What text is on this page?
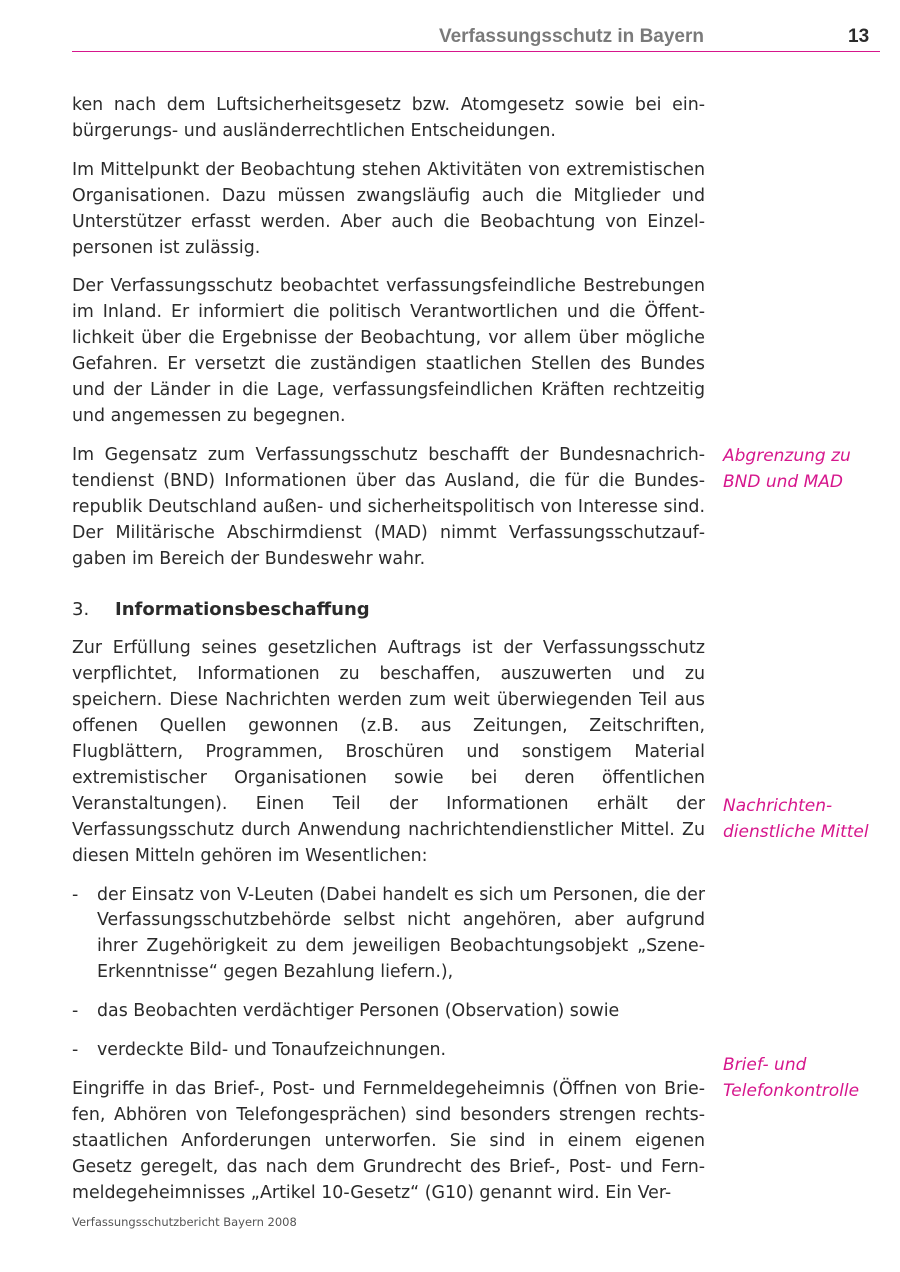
Verfassungsschutz in Bayern	13

ken nach dem Luftsicherheitsgesetz bzw. Atomgesetz sowie bei einbürgerungs- und ausländerrechtlichen Entscheidungen.

Im Mittelpunkt der Beobachtung stehen Aktivitäten von extremistischen Organisationen. Dazu müssen zwangsläufig auch die Mitglieder und Unterstützer erfasst werden. Aber auch die Beobachtung von Einzelpersonen ist zulässig.

Der Verfassungsschutz beobachtet verfassungsfeindliche Bestrebungen im Inland. Er informiert die politisch Verantwortlichen und die Öffentlichkeit über die Ergebnisse der Beobachtung, vor allem über mögliche Gefahren. Er versetzt die zuständigen staatlichen Stellen des Bundes und der Länder in die Lage, verfassungsfeindlichen Kräften rechtzeitig und angemessen zu begegnen.

Im Gegensatz zum Verfassungsschutz beschafft der Bundesnachrichtendienst (BND) Informationen über das Ausland, die für die Bundesrepublik Deutschland außen- und sicherheitspolitisch von Interesse sind. Der Militärische Abschirmdienst (MAD) nimmt Verfassungsschutzaufgaben im Bereich der Bundeswehr wahr.

3.	Informationsbeschaffung

Zur Erfüllung seines gesetzlichen Auftrags ist der Verfassungsschutz verpflichtet, Informationen zu beschaffen, auszuwerten und zu speichern. Diese Nachrichten werden zum weit überwiegenden Teil aus offenen Quellen gewonnen (z.B. aus Zeitungen, Zeitschriften, Flugblättern, Programmen, Broschüren und sonstigem Material extremistischer Organisationen sowie bei deren öffentlichen Veranstaltungen). Einen Teil der Informationen erhält der Verfassungsschutz durch Anwendung nachrichtendienstlicher Mittel. Zu diesen Mitteln gehören im Wesentlichen:

- der Einsatz von V-Leuten (Dabei handelt es sich um Personen, die der Verfassungsschutzbehörde selbst nicht angehören, aber aufgrund ihrer Zugehörigkeit zu dem jeweiligen Beobachtungsobjekt „Szene-Erkenntnisse“ gegen Bezahlung liefern.),
- das Beobachten verdächtiger Personen (Observation) sowie
- verdeckte Bild- und Tonaufzeichnungen.

Eingriffe in das Brief-, Post- und Fernmeldegeheimnis (Öffnen von Briefen, Abhören von Telefongesprächen) sind besonders strengen rechtsstaatlichen Anforderungen unterworfen. Sie sind in einem eigenen Gesetz geregelt, das nach dem Grundrecht des Brief-, Post- und Fernmeldegeheimnisses „Artikel 10-Gesetz“ (G10) genannt wird. Ein Ver-

Abgrenzung zu
BND und MAD
Nachrichten-
dienstliche Mittel
Brief- und
Telefonkontrolle
Verfassungsschutzbericht Bayern 2008
